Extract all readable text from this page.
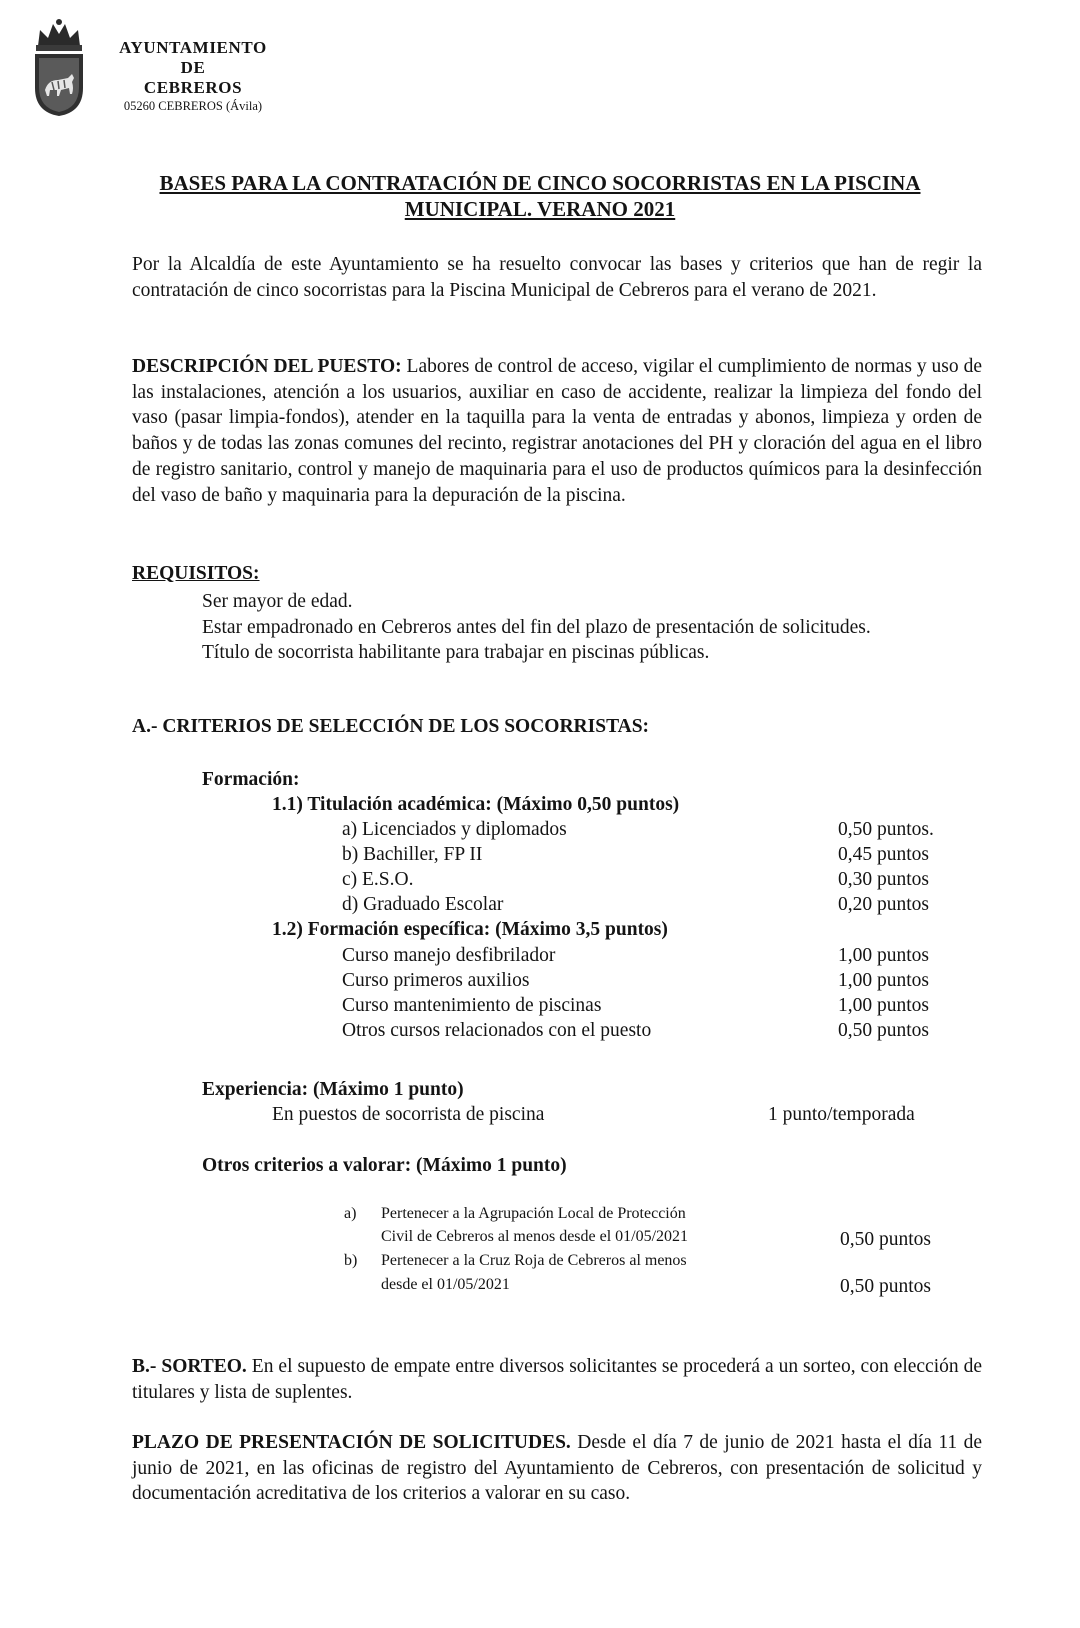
AYUNTAMIENTO
DE
CEBREROS
05260 CEBREROS (Ávila)
BASES PARA LA CONTRATACIÓN DE CINCO SOCORRISTAS EN LA PISCINA
MUNICIPAL. VERANO 2021
Por la Alcaldía de este Ayuntamiento se ha resuelto convocar las bases y criterios que han de regir la contratación de cinco socorristas para la Piscina Municipal de Cebreros para el verano de 2021.
DESCRIPCIÓN DEL PUESTO: Labores de control de acceso, vigilar el cumplimiento de normas y uso de las instalaciones, atención a los usuarios, auxiliar en caso de accidente, realizar la limpieza del fondo del vaso (pasar limpia-fondos), atender en la taquilla para la venta de entradas y abonos, limpieza y orden de baños y de todas las zonas comunes del recinto, registrar anotaciones del PH y cloración del agua en el libro de registro sanitario, control y manejo de maquinaria para el uso de productos químicos para la desinfección del vaso de baño y maquinaria para la depuración de la piscina.
REQUISITOS:
Ser mayor de edad.
Estar empadronado en Cebreros antes del fin del plazo de presentación de solicitudes.
Título de socorrista habilitante para trabajar en piscinas públicas.
A.- CRITERIOS DE SELECCIÓN DE LOS SOCORRISTAS:
Formación:
1.1) Titulación académica: (Máximo 0,50 puntos)
a) Licenciados y diplomados	0,50 puntos.
b) Bachiller, FP II	0,45 puntos
c) E.S.O.	0,30 puntos
d) Graduado Escolar	0,20 puntos
1.2) Formación específica: (Máximo 3,5 puntos)
Curso manejo desfibrilador	1,00 puntos
Curso primeros auxilios	1,00 puntos
Curso mantenimiento de piscinas	1,00 puntos
Otros cursos relacionados con el puesto	0,50 puntos
Experiencia: (Máximo 1 punto)
En puestos de socorrista de piscina	1 punto/temporada
Otros criterios a valorar: (Máximo 1 punto)
a) Pertenecer a la Agrupación Local de Protección
Civil de Cebreros al menos desde el 01/05/2021	0,50 puntos
b) Pertenecer a la Cruz Roja de Cebreros al menos
desde el 01/05/2021	0,50 puntos
B.- SORTEO. En el supuesto de empate entre diversos solicitantes se procederá a un sorteo, con elección de titulares y lista de suplentes.
PLAZO DE PRESENTACIÓN DE SOLICITUDES. Desde el día 7 de junio de 2021 hasta el día 11 de junio de 2021, en las oficinas de registro del Ayuntamiento de Cebreros, con presentación de solicitud y documentación acreditativa de los criterios a valorar en su caso.
